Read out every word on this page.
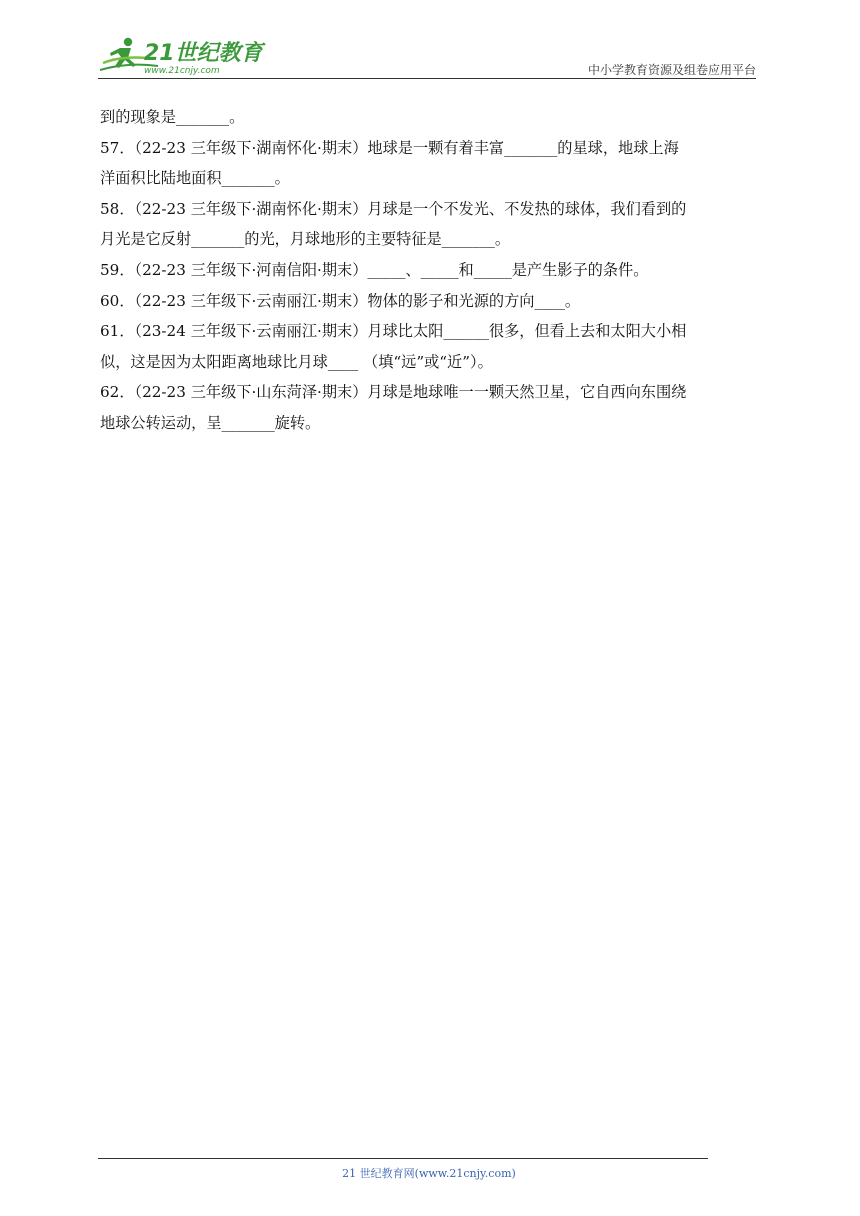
21世纪教育
www.21cnjy.com	中小学教育资源及组卷应用平台
到的现象是_______。
57．（22-23 三年级下·湖南怀化·期末）地球是一颗有着丰富_______的星球，地球上海
洋面积比陆地面积_______。
58．（22-23 三年级下·湖南怀化·期末）月球是一个不发光、不发热的球体，我们看到的
月光是它反射_______的光，月球地形的主要特征是_______。
59．（22-23 三年级下·河南信阳·期末）_____、_____和_____是产生影子的条件。
60．（22-23 三年级下·云南丽江·期末）物体的影子和光源的方向____。
61．（23-24 三年级下·云南丽江·期末）月球比太阳______很多，但看上去和太阳大小相
似，这是因为太阳距离地球比月球____ （填“远”或“近”）。
62．（22-23 三年级下·山东菏泽·期末）月球是地球唯一一颗天然卫星，它自西向东围绕
地球公转运动，呈_______旋转。
21 世纪教育网(www.21cnjy.com)
